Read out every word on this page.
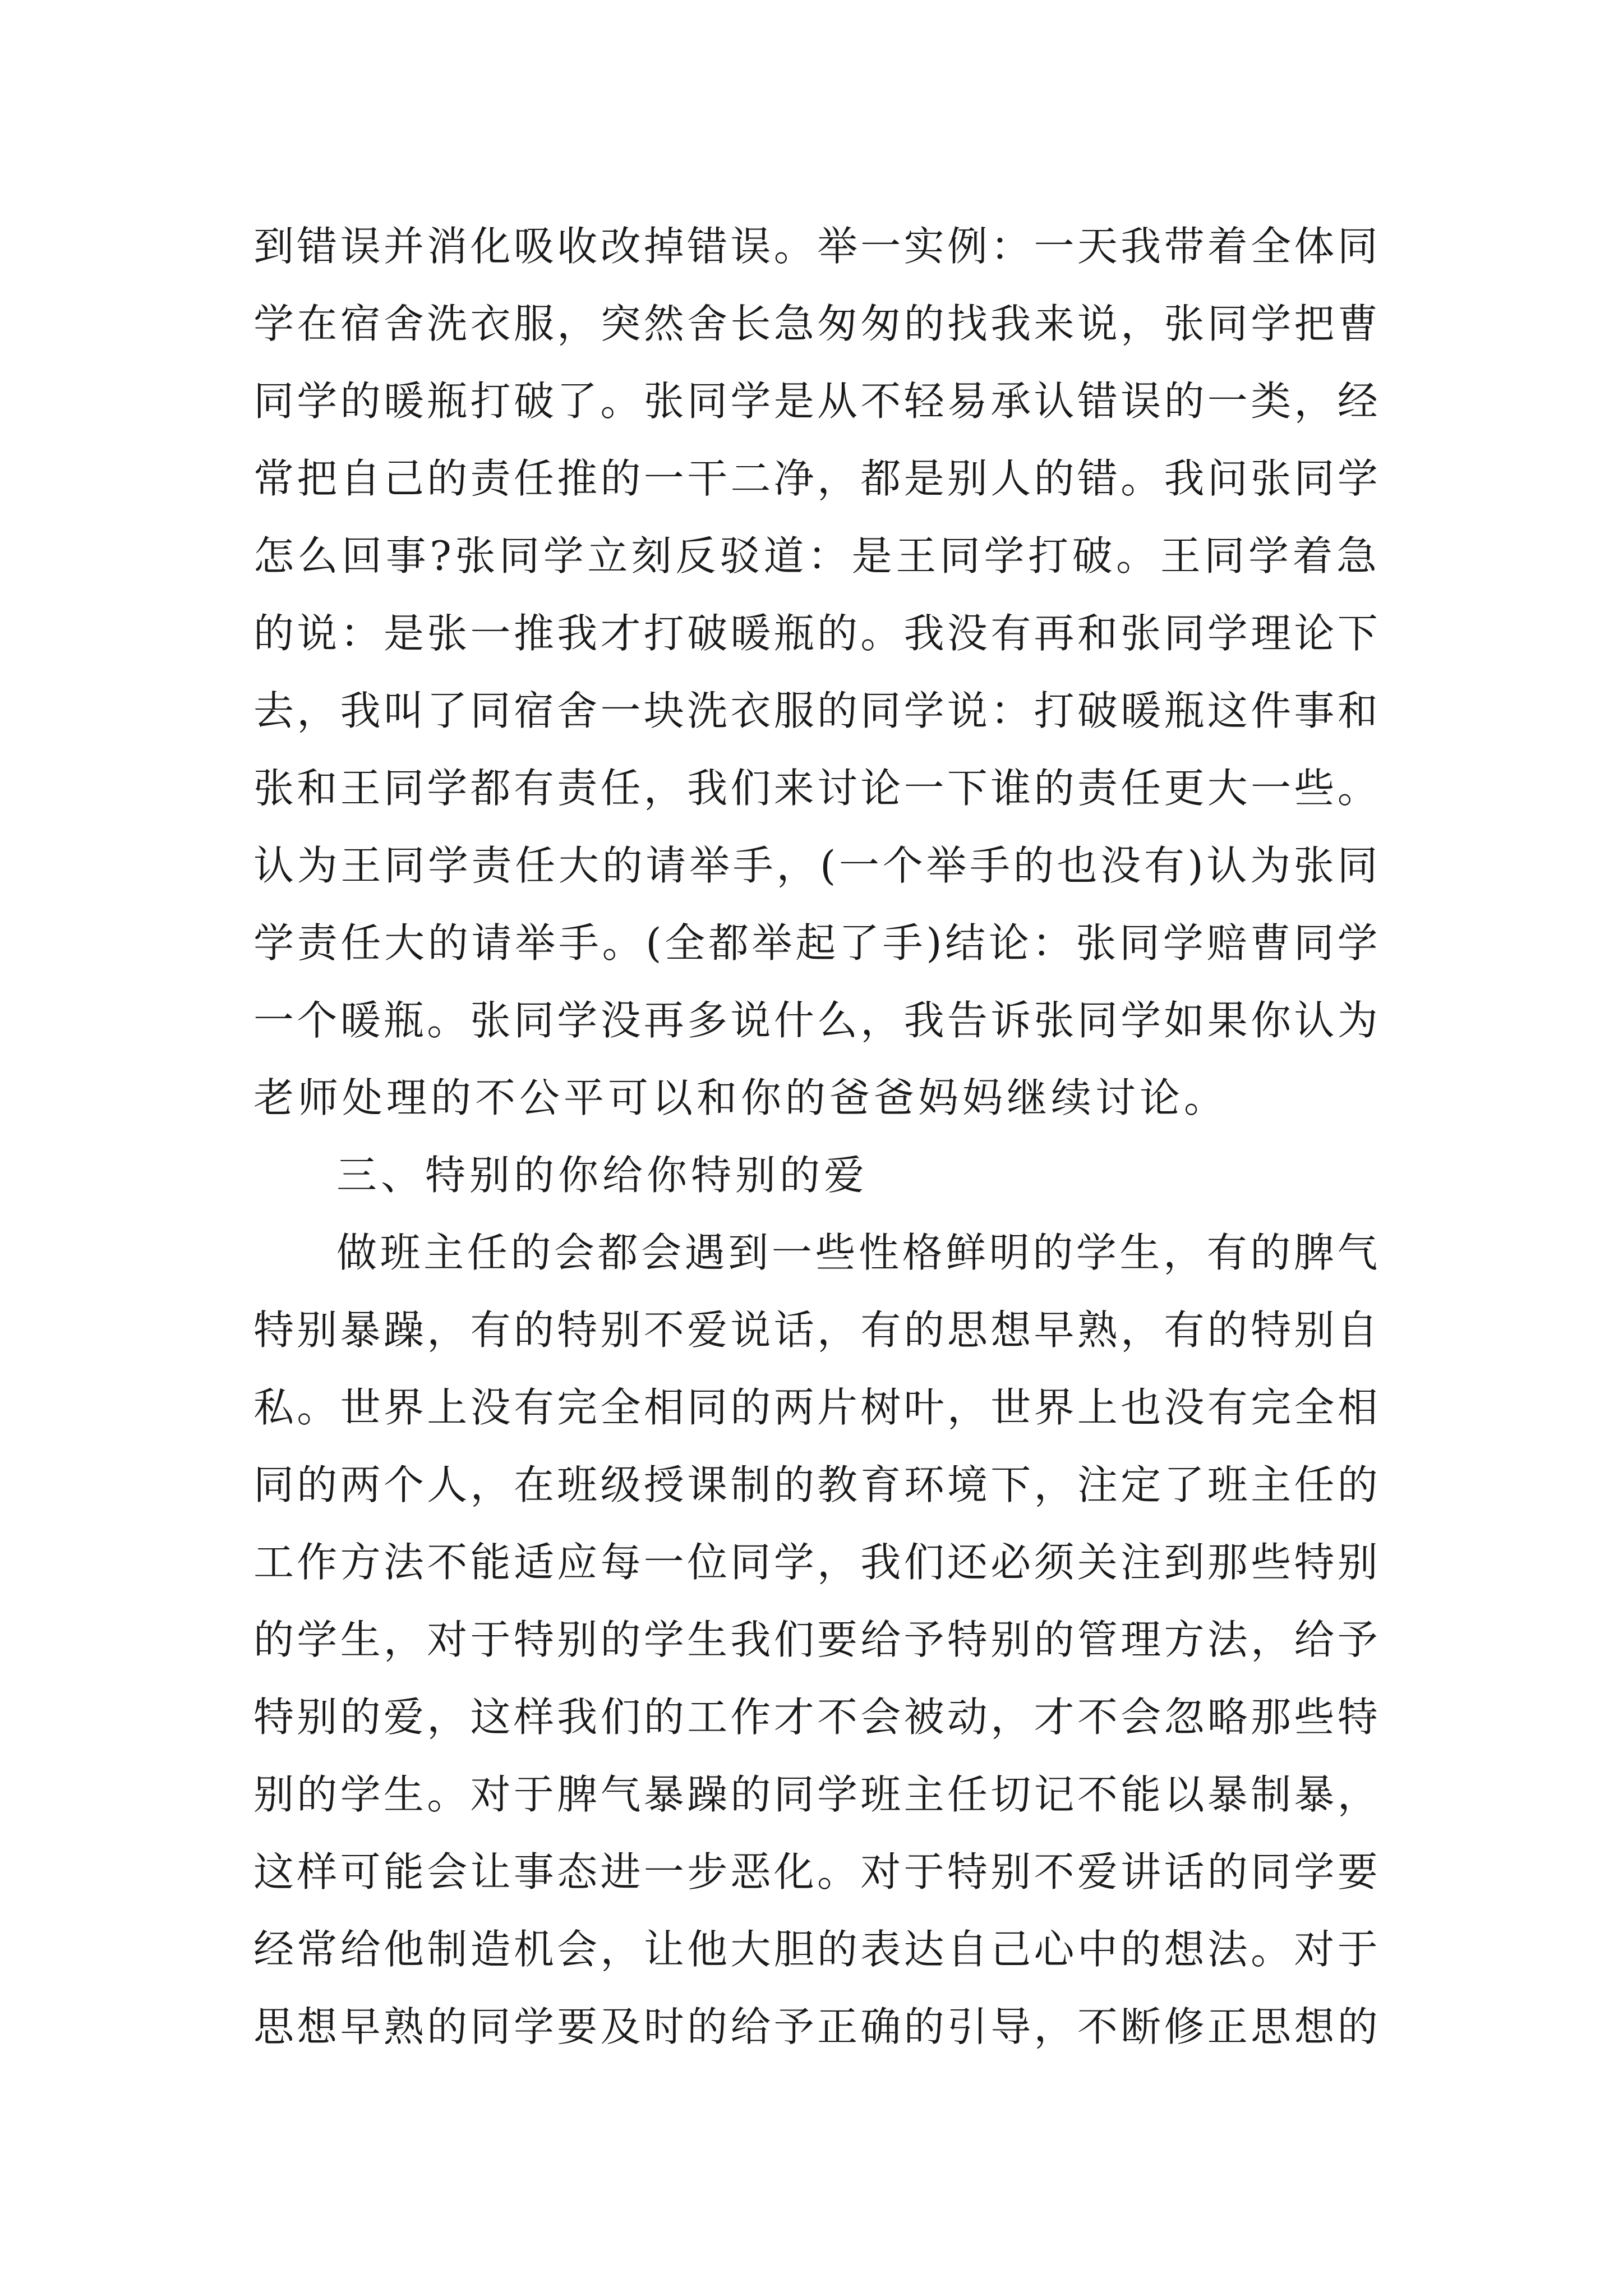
到错误并消化吸收改掉错误。举一实例：一天我带着全体同
学在宿舍洗衣服，突然舍长急匆匆的找我来说，张同学把曹
同学的暖瓶打破了。张同学是从不轻易承认错误的一类，经
常把自己的责任推的一干二净，都是别人的错。我问张同学
怎么回事?张同学立刻反驳道：是王同学打破。王同学着急
的说：是张一推我才打破暖瓶的。我没有再和张同学理论下
去，我叫了同宿舍一块洗衣服的同学说：打破暖瓶这件事和
张和王同学都有责任，我们来讨论一下谁的责任更大一些。
认为王同学责任大的请举手，(一个举手的也没有)认为张同
学责任大的请举手。(全都举起了手)结论：张同学赔曹同学
一个暖瓶。张同学没再多说什么，我告诉张同学如果你认为
老师处理的不公平可以和你的爸爸妈妈继续讨论。
三、特别的你给你特别的爱
做班主任的会都会遇到一些性格鲜明的学生，有的脾气
特别暴躁，有的特别不爱说话，有的思想早熟，有的特别自
私。世界上没有完全相同的两片树叶，世界上也没有完全相
同的两个人，在班级授课制的教育环境下，注定了班主任的
工作方法不能适应每一位同学，我们还必须关注到那些特别
的学生，对于特别的学生我们要给予特别的管理方法，给予
特别的爱，这样我们的工作才不会被动，才不会忽略那些特
别的学生。对于脾气暴躁的同学班主任切记不能以暴制暴，
这样可能会让事态进一步恶化。对于特别不爱讲话的同学要
经常给他制造机会，让他大胆的表达自己心中的想法。对于
思想早熟的同学要及时的给予正确的引导，不断修正思想的
